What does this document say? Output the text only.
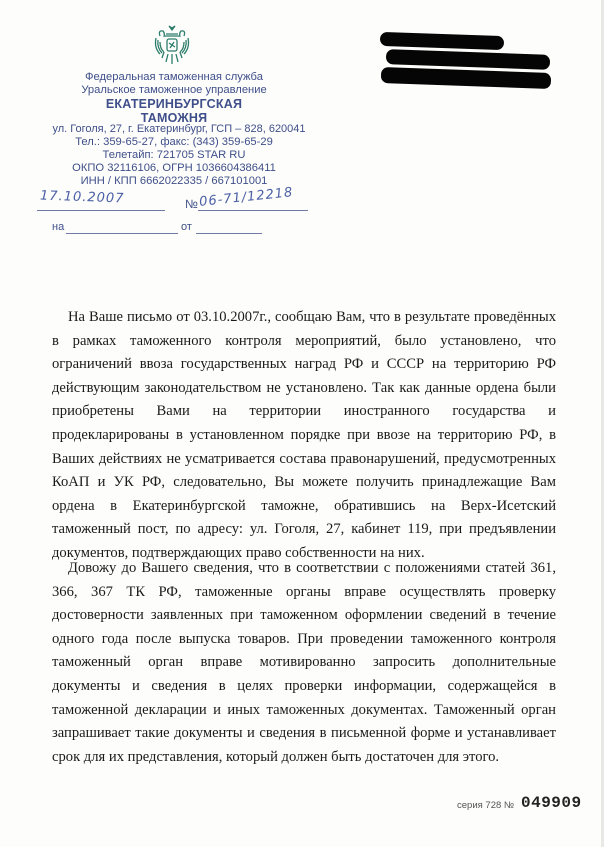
Федеральная таможенная служба
Уральское таможенное управление
ЕКАТЕРИНБУРГСКАЯ
ТАМОЖНЯ
ул. Гоголя, 27, г. Екатеринбург, ГСП – 828, 620041
Тел.: 359-65-27, факс: (343) 359-65-29
Телетайп: 721705 STAR RU
ОКПО 32116106, ОГРН 1036604386411
ИНН / КПП 6662022335 / 667101001
17.10.2007	№ 06-71/12218
на	от

На Ваше письмо от 03.10.2007г., сообщаю Вам, что в результате проведённых в рамках таможенного контроля мероприятий, было установлено, что ограничений ввоза государственных наград РФ и СССР на территорию РФ действующим законодательством не установлено. Так как данные ордена были приобретены Вами на территории иностранного государства и продекларированы в установленном порядке при ввозе на территорию РФ, в Ваших действиях не усматривается состава правонарушений, предусмотренных КоАП и УК РФ, следовательно, Вы можете получить принадлежащие Вам ордена в Екатеринбургской таможне, обратившись на Верх-Исетский таможенный пост, по адресу: ул. Гоголя, 27, кабинет 119, при предъявлении документов, подтверждающих право собственности на них.

Довожу до Вашего сведения, что в соответствии с положениями статей 361, 366, 367 ТК РФ, таможенные органы вправе осуществлять проверку достоверности заявленных при таможенном оформлении сведений в течение одного года после выпуска товаров. При проведении таможенного контроля таможенный орган вправе мотивированно запросить дополнительные документы и сведения в целях проверки информации, содержащейся в таможенной декларации и иных таможенных документах. Таможенный орган запрашивает такие документы и сведения в письменной форме и устанавливает срок для их представления, который должен быть достаточен для этого.

серия 728 № 049909
